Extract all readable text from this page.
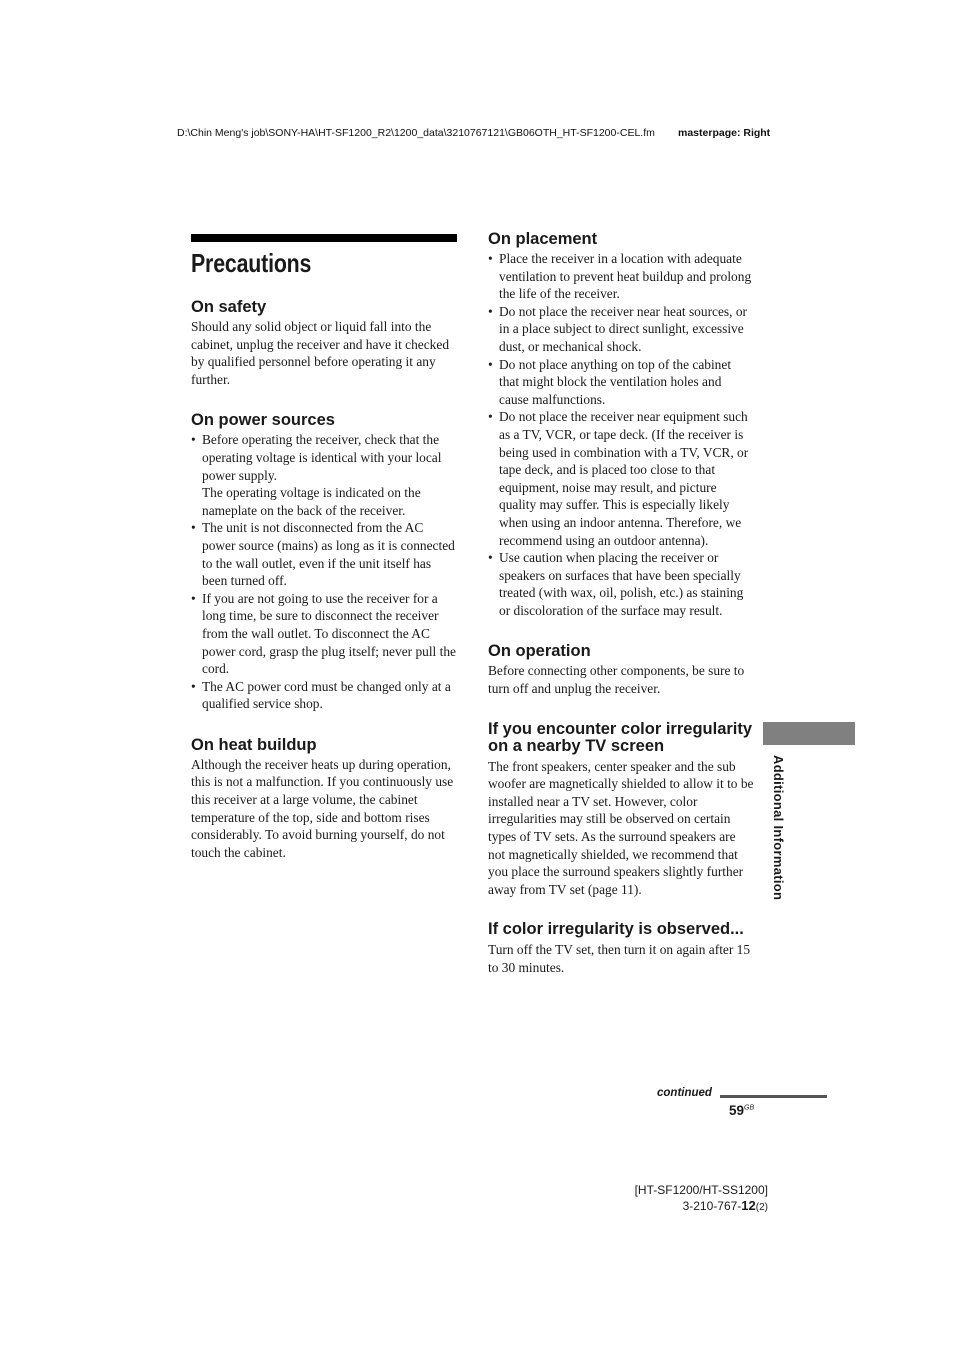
D:\Chin Meng's job\SONY-HA\HT-SF1200_R2\1200_data\3210767121\GB06OTH_HT-SF1200-CEL.fm masterpage: Right
Precautions
On safety

Should any solid object or liquid fall into the cabinet, unplug the receiver and have it checked by qualified personnel before operating it any further.

On power sources
• Before operating the receiver, check that the operating voltage is identical with your local power supply.
The operating voltage is indicated on the nameplate on the back of the receiver.
• The unit is not disconnected from the AC power source (mains) as long as it is connected to the wall outlet, even if the unit itself has been turned off.
• If you are not going to use the receiver for a long time, be sure to disconnect the receiver from the wall outlet. To disconnect the AC power cord, grasp the plug itself; never pull the cord.
• The AC power cord must be changed only at a qualified service shop.
On heat buildup

Although the receiver heats up during operation, this is not a malfunction. If you continuously use this receiver at a large volume, the cabinet temperature of the top, side and bottom rises considerably. To avoid burning yourself, do not touch the cabinet.

On placement
• Place the receiver in a location with adequate ventilation to prevent heat buildup and prolong the life of the receiver.
• Do not place the receiver near heat sources, or in a place subject to direct sunlight, excessive dust, or mechanical shock.
• Do not place anything on top of the cabinet that might block the ventilation holes and cause malfunctions.
• Do not place the receiver near equipment such as a TV, VCR, or tape deck. (If the receiver is being used in combination with a TV, VCR, or tape deck, and is placed too close to that equipment, noise may result, and picture quality may suffer. This is especially likely when using an indoor antenna. Therefore, we recommend using an outdoor antenna).
• Use caution when placing the receiver or speakers on surfaces that have been specially treated (with wax, oil, polish, etc.) as staining or discoloration of the surface may result.
On operation

Before connecting other components, be sure to turn off and unplug the receiver.

If you encounter color irregularity on a nearby TV screen

The front speakers, center speaker and the sub woofer are magnetically shielded to allow it to be installed near a TV set. However, color irregularities may still be observed on certain types of TV sets. As the surround speakers are not magnetically shielded, we recommend that you place the surround speakers slightly further away from TV set (page 11).

If color irregularity is observed...

Turn off the TV set, then turn it on again after 15 to 30 minutes.

Additional Information
continued
$59^{GB}$
[HT-SF1200/HT-SS1200]
3-210-767-12(2)
